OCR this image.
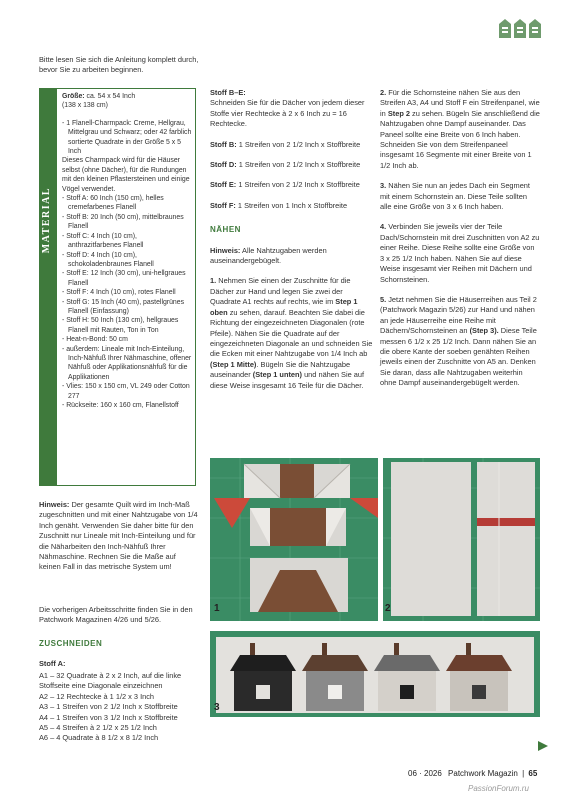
Bitte lesen Sie sich die Anleitung komplett durch, bevor Sie zu arbeiten beginnen.

MATERIAL
Größe: ca. 54 x 54 Inch
(138 x 138 cm)
- 1 Flanell-Charmpack: Creme, Hellgrau, Mittelgrau und Schwarz; oder 42 farblich sortierte Quadrate in der Größe 5 x 5 Inch
Dieses Charmpack wird für die Häuser selbst (ohne Dächer), für die Rundungen mit den kleinen Pflastersteinen und einige Vögel verwendet.
- Stoff A: 60 Inch (150 cm), helles cremefarbenes Flanell
- Stoff B: 20 Inch (50 cm), mittelbraunes Flanell
- Stoff C: 4 Inch (10 cm), anthrazitfarbenes Flanell
- Stoff D: 4 Inch (10 cm), schokoladenbraunes Flanell
- Stoff E: 12 Inch (30 cm), uni-hellgraues Flanell
- Stoff F: 4 Inch (10 cm), rotes Flanell
- Stoff G: 15 Inch (40 cm), pastellgrünes Flanell (Einfassung)
- Stoff H: 50 Inch (130 cm), hellgraues Flanell mit Rauten, Ton in Ton
- Heat-n-Bond: 50 cm
- außerdem: Lineale mit Inch-Einteilung, Inch-Nähfuß Ihrer Nähmaschine, offener Nähfuß oder Applikationsnähfuß für die Applikationen
- Vlies: 150 x 150 cm, VL 249 oder Cotton 277
- Rückseite: 160 x 160 cm, Flanellstoff

Hinweis: Der gesamte Quilt wird im Inch-Maß zugeschnitten und mit einer Nahtzugabe von 1/4 Inch genäht. Verwenden Sie daher bitte für den Zuschnitt nur Lineale mit Inch-Einteilung und für die Näharbeiten den Inch-Nähfuß Ihrer Nähmaschine. Rechnen Sie die Maße auf keinen Fall in das metrische System um!

Die vorherigen Arbeitsschritte finden Sie in den Patchwork Magazinen 4/26 und 5/26.

ZUSCHNEIDEN
Stoff A:
A1 – 32 Quadrate à 2 x 2 Inch, auf die linke Stoffseite eine Diagonale einzeichnen
A2 – 12 Rechtecke à 1 1/2 x 3 Inch
A3 – 1 Streifen von 2 1/2 Inch x Stoffbreite
A4 – 1 Streifen von 3 1/2 Inch x Stoffbreite
A5 – 4 Streifen à 2 1/2 x 25 1/2 Inch
A6 – 4 Quadrate à 8 1/2 x 8 1/2 Inch
Stoff B–E:
Schneiden Sie für die Dächer von jedem dieser Stoffe vier Rechtecke à 2 x 6 Inch zu = 16 Rechtecke.
Stoff B: 1 Streifen von 2 1/2 Inch x Stoffbreite
Stoff D: 1 Streifen von 2 1/2 Inch x Stoffbreite
Stoff E: 1 Streifen von 2 1/2 Inch x Stoffbreite
Stoff F: 1 Streifen von 1 Inch x Stoffbreite
NÄHEN
Hinweis: Alle Nahtzugaben werden auseinandergebügelt.
1. Nehmen Sie einen der Zuschnitte für die Dächer zur Hand und legen Sie zwei der Quadrate A1 rechts auf rechts, wie im Step 1 oben zu sehen, darauf. Beachten Sie dabei die Richtung der eingezeichneten Diagonalen (rote Pfeile). Nähen Sie die Quadrate auf der eingezeichneten Diagonale an und schneiden Sie die Ecken mit einer Nahtzugabe von 1/4 Inch ab (Step 1 Mitte). Bügeln Sie die Nahtzugabe auseinander (Step 1 unten) und nähen Sie auf diese Weise insgesamt 16 Teile für die Dächer.
2. Für die Schornsteine nähen Sie aus den Streifen A3, A4 und Stoff F ein Streifenpanel, wie in Step 2 zu sehen. Bügeln Sie anschließend die Nahtzugaben ohne Dampf auseinander. Das Paneel sollte eine Breite von 6 Inch haben. Schneiden Sie von dem Streifenpaneel insgesamt 16 Segmente mit einer Breite von 1 1/2 Inch ab.
3. Nähen Sie nun an jedes Dach ein Segment mit einem Schornstein an. Diese Teile sollten alle eine Größe von 3 x 6 Inch haben.
4. Verbinden Sie jeweils vier der Teile Dach/Schornstein mit drei Zuschnitten von A2 zu einer Reihe. Diese Reihe sollte eine Größe von 3 x 25 1/2 Inch haben. Nähen Sie auf diese Weise insgesamt vier Reihen mit Dächern und Schornsteinen.
5. Jetzt nehmen Sie die Häuserreihen aus Teil 2 (Patchwork Magazin 5/26) zur Hand und nähen an jede Häuserreihe eine Reihe mit Dächern/Schornsteinen an (Step 3). Diese Teile messen 6 1/2 x 25 1/2 Inch. Dann nähen Sie an die obere Kante der soeben genähten Reihen jeweils einen der Zuschnitte von A5 an. Denken Sie daran, dass alle Nahtzugaben weiterhin ohne Dampf auseinandergebügelt werden.
1	2
3
06 · 2026 Patchwork Magazin | 65
PassionForum.ru
